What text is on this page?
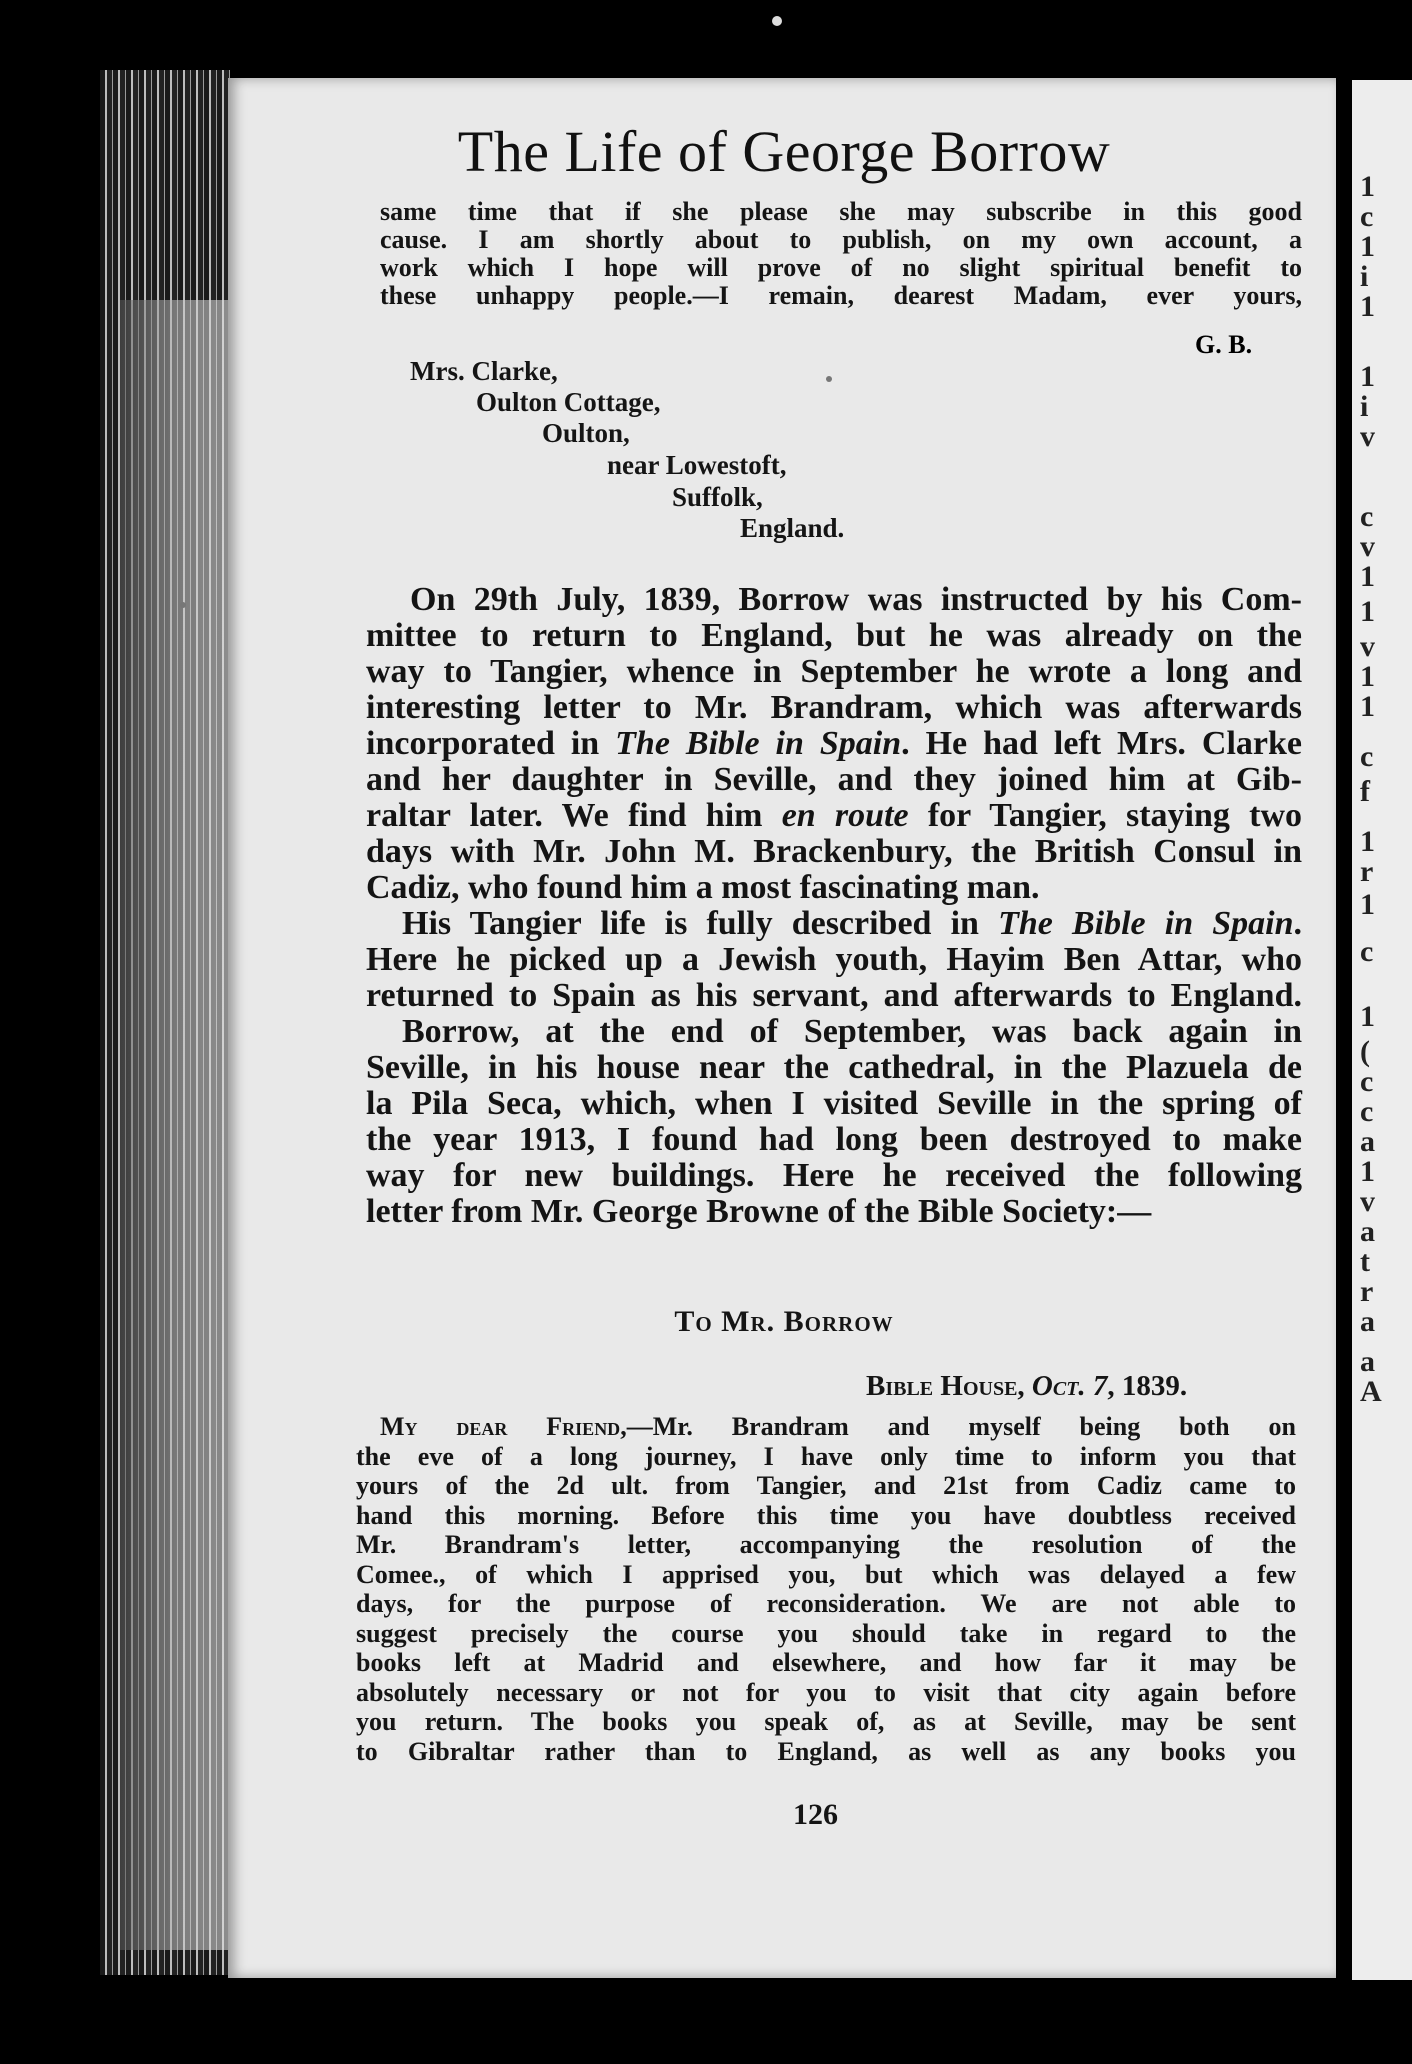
1
c
1
i
1
1
i
v
c
v
1
1
v
1
1
c
f
1
r
1
c
1
(
c
c
a
1
v
a
t
r
a
a
A
The Life of George Borrow
same time that if she please she may subscribe in this good
cause. I am shortly about to publish, on my own account, a
work which I hope will prove of no slight spiritual benefit to
these unhappy people.—I remain, dearest Madam, ever yours,
G. B.
Mrs. Clarke,
Oulton Cottage,
Oulton,
near Lowestoft,
Suffolk,
England.
On 29th July, 1839, Borrow was instructed by his Com-
mittee to return to England, but he was already on the
way to Tangier, whence in September he wrote a long and
interesting letter to Mr. Brandram, which was afterwards
incorporated in The Bible in Spain. He had left Mrs. Clarke
and her daughter in Seville, and they joined him at Gib-
raltar later. We find him en route for Tangier, staying two
days with Mr. John M. Brackenbury, the British Consul in
Cadiz, who found him a most fascinating man.
His Tangier life is fully described in The Bible in Spain.
Here he picked up a Jewish youth, Hayim Ben Attar, who
returned to Spain as his servant, and afterwards to England.
Borrow, at the end of September, was back again in
Seville, in his house near the cathedral, in the Plazuela de
la Pila Seca, which, when I visited Seville in the spring of
the year 1913, I found had long been destroyed to make
way for new buildings. Here he received the following
letter from Mr. George Browne of the Bible Society:—
To Mr. Borrow
Bible House, Oct. 7, 1839.
My dear Friend,—Mr. Brandram and myself being both on
the eve of a long journey, I have only time to inform you that
yours of the 2d ult. from Tangier, and 21st from Cadiz came to
hand this morning. Before this time you have doubtless received
Mr. Brandram's letter, accompanying the resolution of the
Comee., of which I apprised you, but which was delayed a few
days, for the purpose of reconsideration. We are not able to
suggest precisely the course you should take in regard to the
books left at Madrid and elsewhere, and how far it may be
absolutely necessary or not for you to visit that city again before
you return. The books you speak of, as at Seville, may be sent
to Gibraltar rather than to England, as well as any books you
126
